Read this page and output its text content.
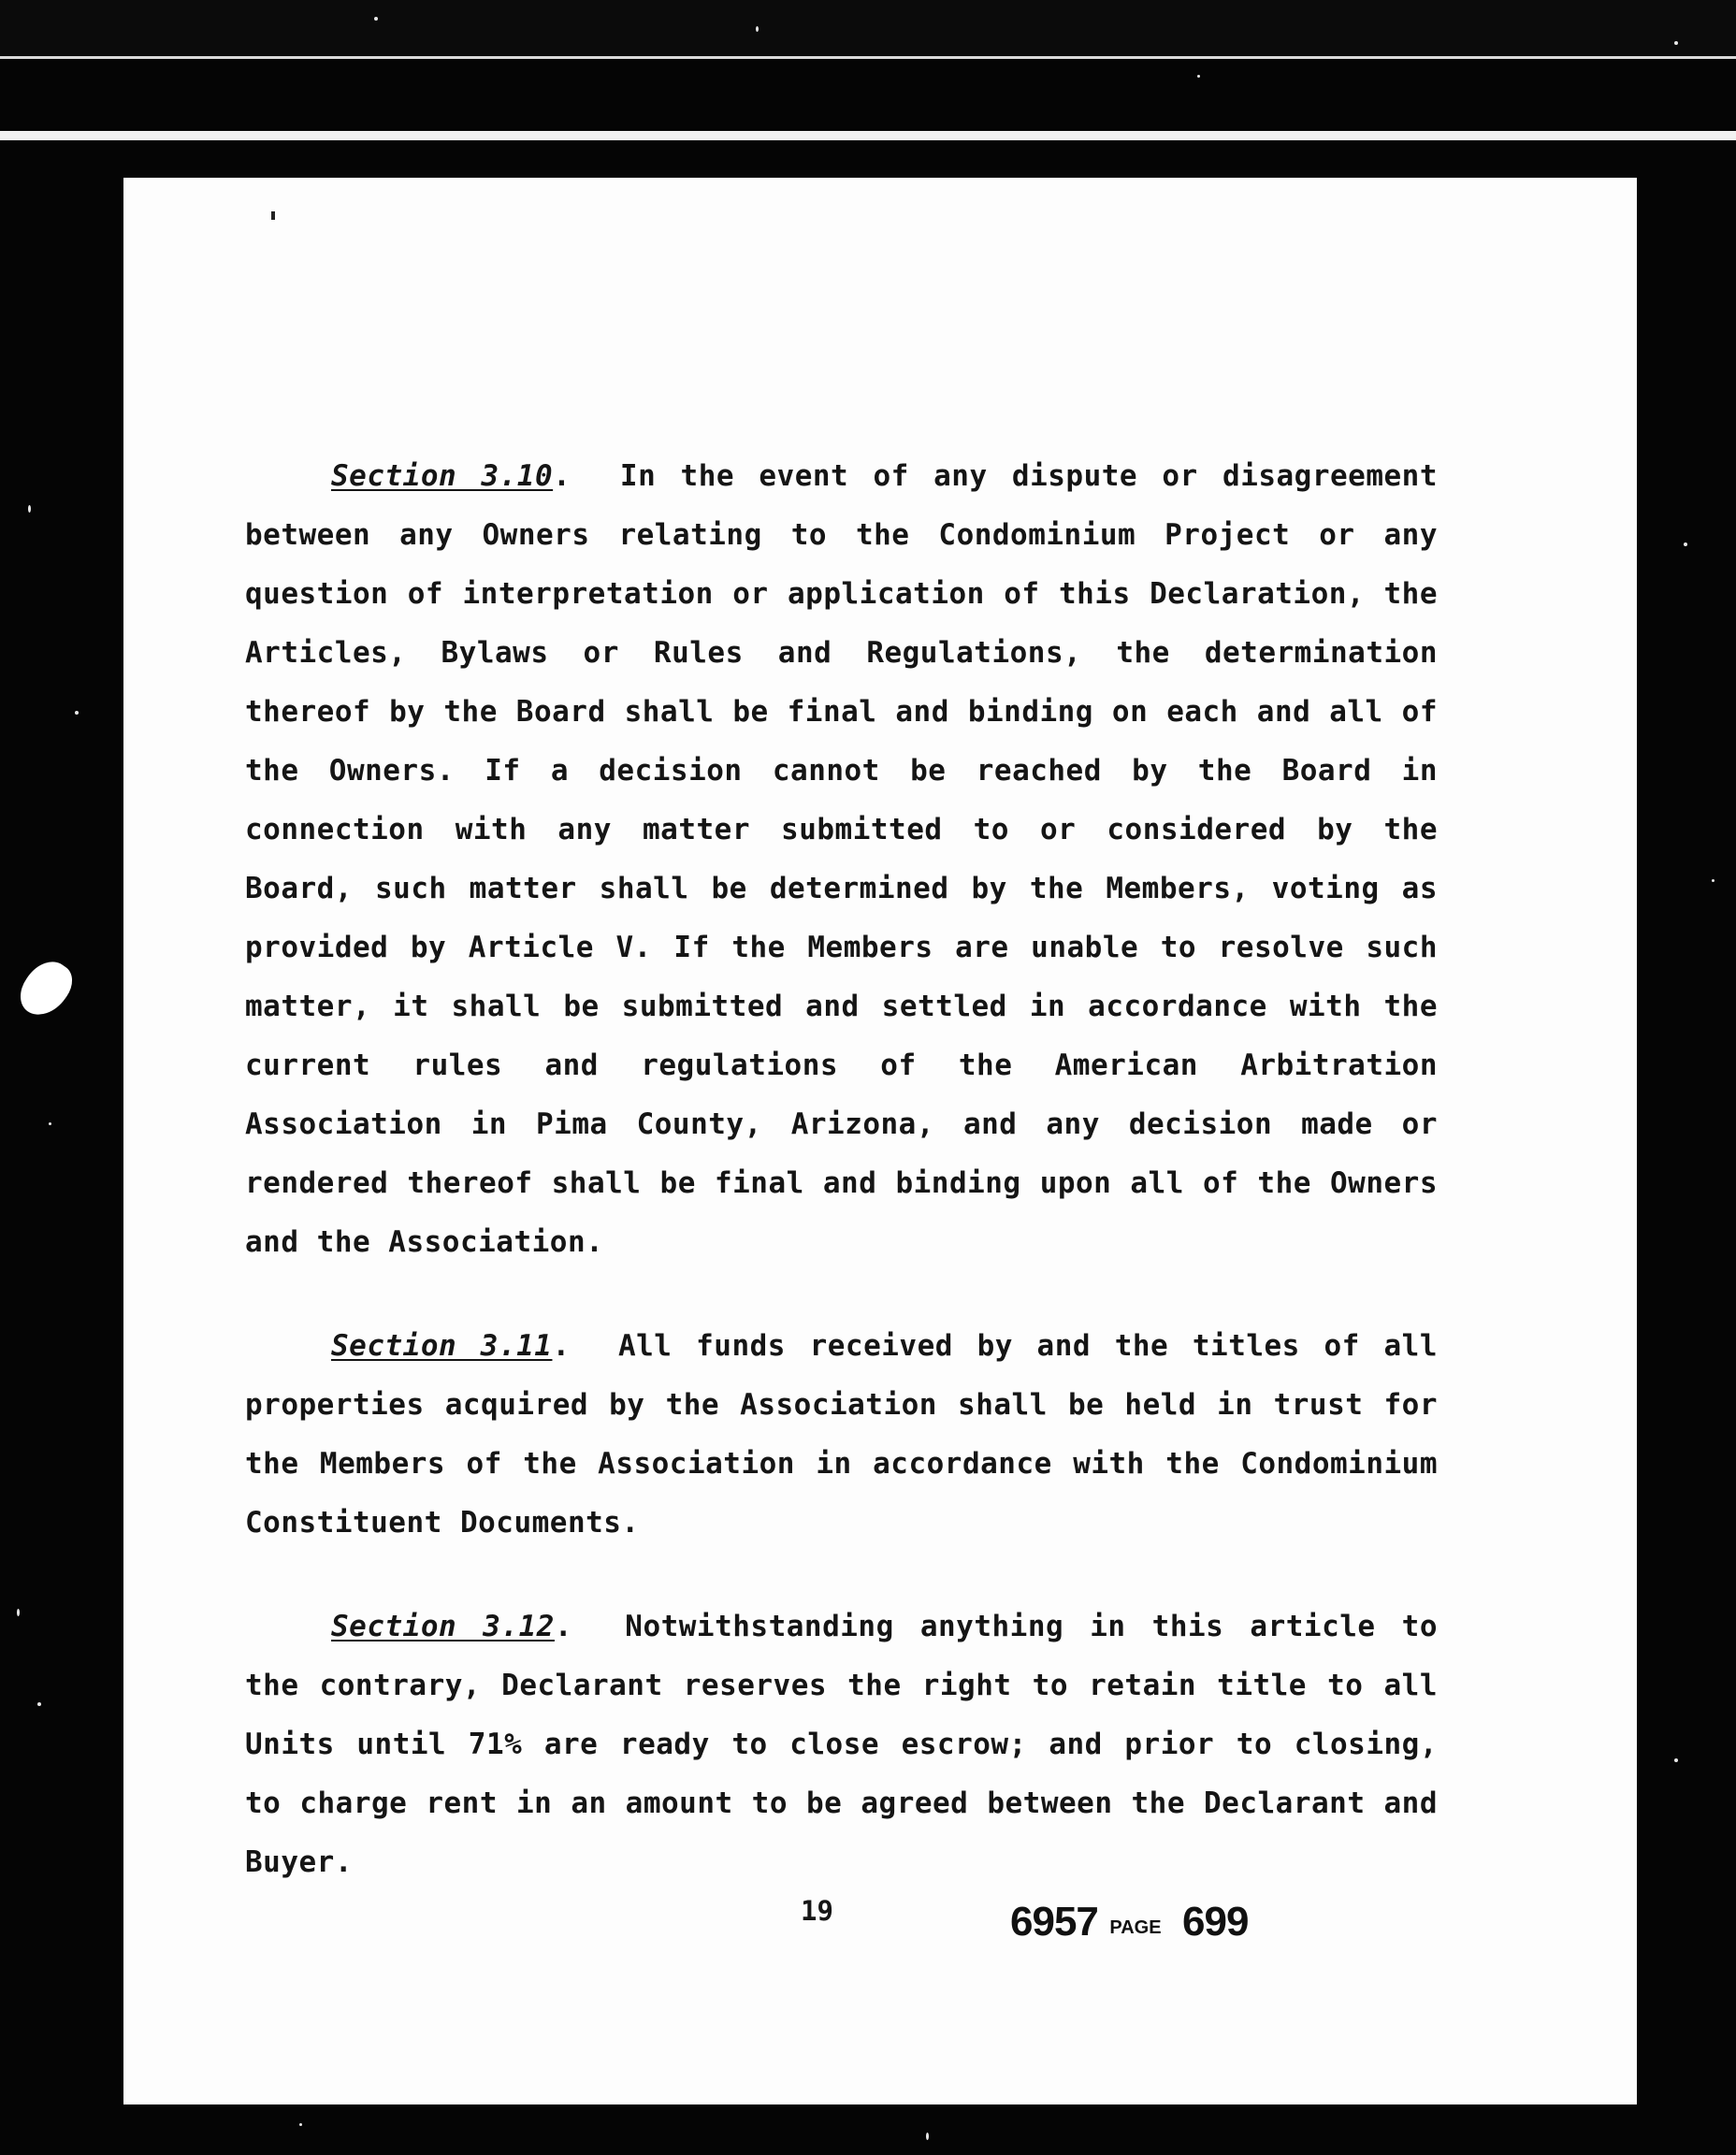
Section 3.10.  In the event of any dispute or disagreement between any Owners relating to the Condominium Project or any question of interpretation or application of this Declaration, the Articles, Bylaws or Rules and Regulations, the determination thereof by the Board shall be final and binding on each and all of the Owners. If a decision cannot be reached by the Board in connection with any matter submitted to or considered by the Board, such matter shall be determined by the Members, voting as provided by Article V. If the Members are unable to resolve such matter, it shall be submitted and settled in accordance with the current rules and regulations of the American Arbitration Association in Pima County, Arizona, and any decision made or rendered thereof shall be final and binding upon all of the Owners and the Association.

Section 3.11.  All funds received by and the titles of all properties acquired by the Association shall be held in trust for the Members of the Association in accordance with the Condominium Constituent Documents.

Section 3.12.  Notwithstanding anything in this article to the contrary, Declarant reserves the right to retain title to all Units until 71% are ready to close escrow; and prior to closing, to charge rent in an amount to be agreed between the Declarant and Buyer.

19	6957 PAGE 699
